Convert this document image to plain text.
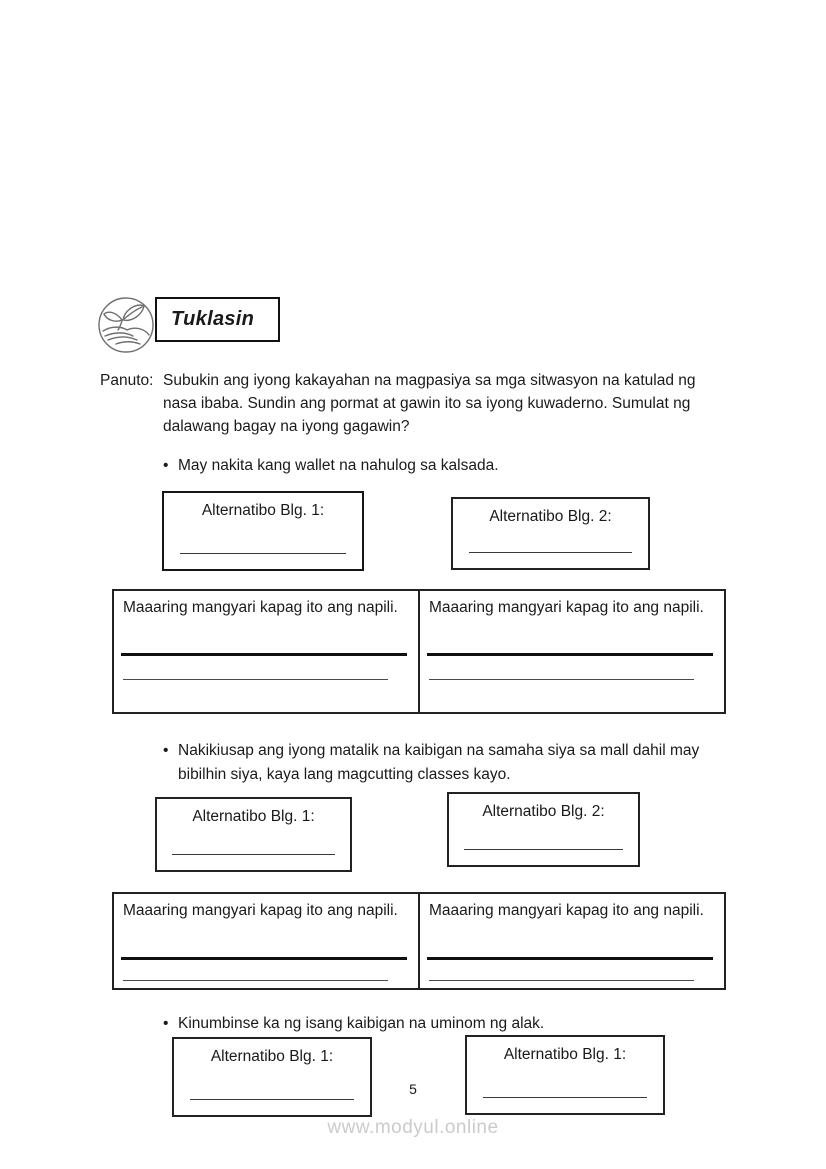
Tuklasin
Panuto: Subukin ang iyong kakayahan na magpasiya sa mga sitwasyon na katulad ng nasa ibaba. Sundin ang pormat at gawin ito sa iyong kuwaderno. Sumulat ng dalawang bagay na iyong gagawin?
• May nakita kang wallet na nahulog sa kalsada.
Alternatibo Blg. 1:	Alternatibo Blg. 2:
Maaaring mangyari kapag ito ang napili.	Maaaring mangyari kapag ito ang napili.
• Nakikiusap ang iyong matalik na kaibigan na samaha siya sa mall dahil may bibilhin siya, kaya lang magcutting classes kayo.
Alternatibo Blg. 1:	Alternatibo Blg. 2:
Maaaring mangyari kapag ito ang napili.	Maaaring mangyari kapag ito ang napili.
• Kinumbinse ka ng isang kaibigan na uminom ng alak.
Alternatibo Blg. 1:	Alternatibo Blg. 1:
5
www.modyul.online
